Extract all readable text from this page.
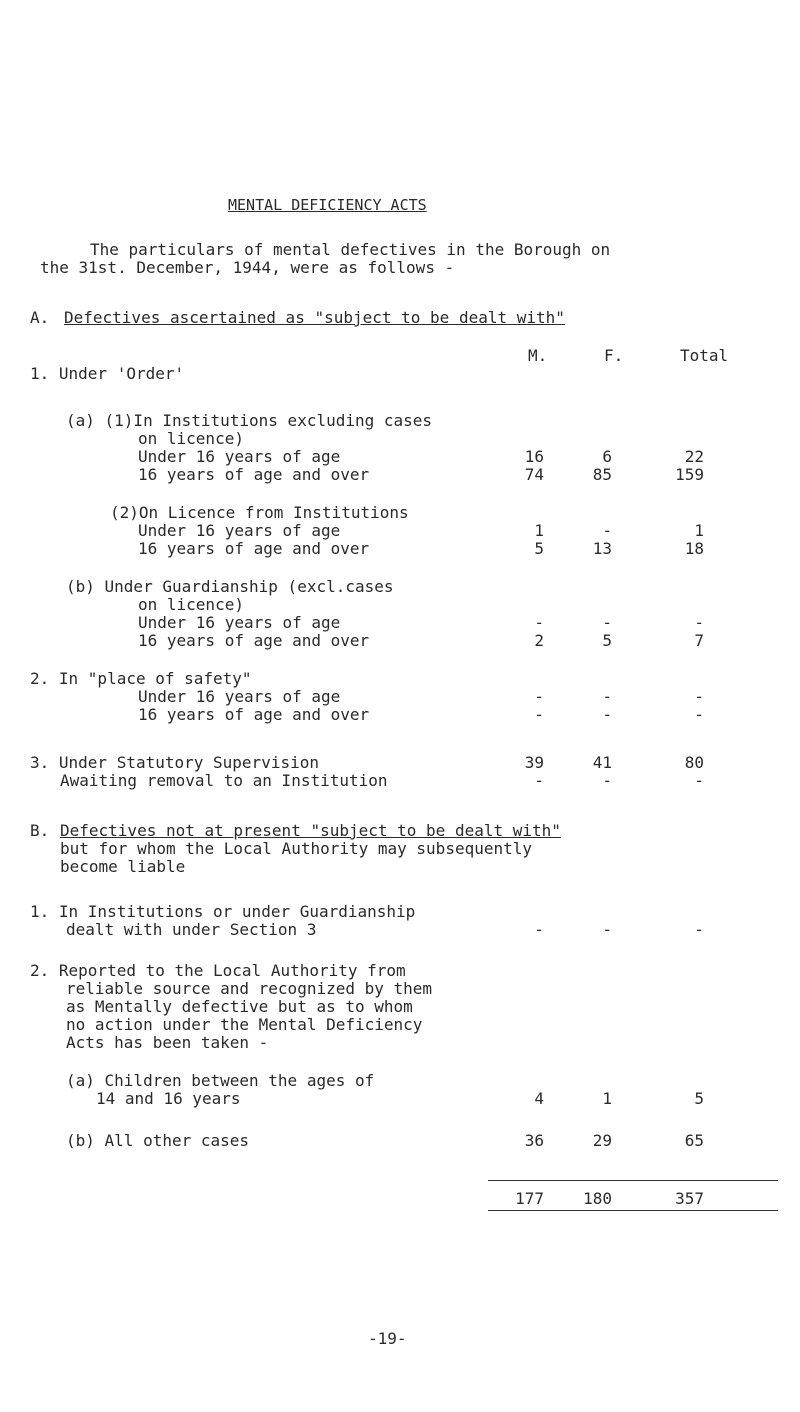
MENTAL DEFICIENCY ACTS
The particulars of mental defectives in the Borough on
the 31st. December, 1944, were as follows -
A. Defectives ascertained as "subject to be dealt with"
M.	F.	Total
1. Under 'Order'
(a) (1)In Institutions excluding cases
on licence)
Under 16 years of age	16	6	22
16 years of age and over	74	85	159
(2)On Licence from Institutions
Under 16 years of age	1	-	1
16 years of age and over	5	13	18
(b) Under Guardianship (excl.cases
on licence)
Under 16 years of age	-	-	-
16 years of age and over	2	5	7
2. In "place of safety"
Under 16 years of age	-	-	-
16 years of age and over	-	-	-
3. Under Statutory Supervision	39	41	80
Awaiting removal to an Institution	-	-	-
B. Defectives not at present "subject to be dealt with"
but for whom the Local Authority may subsequently
become liable
1. In Institutions or under Guardianship
dealt with under Section 3	-	-	-
2. Reported to the Local Authority from
reliable source and recognized by them
as Mentally defective but as to whom
no action under the Mental Deficiency
Acts has been taken -
(a) Children between the ages of
14 and 16 years	4	1	5
(b) All other cases	36	29	65
177	180	357
-19-
